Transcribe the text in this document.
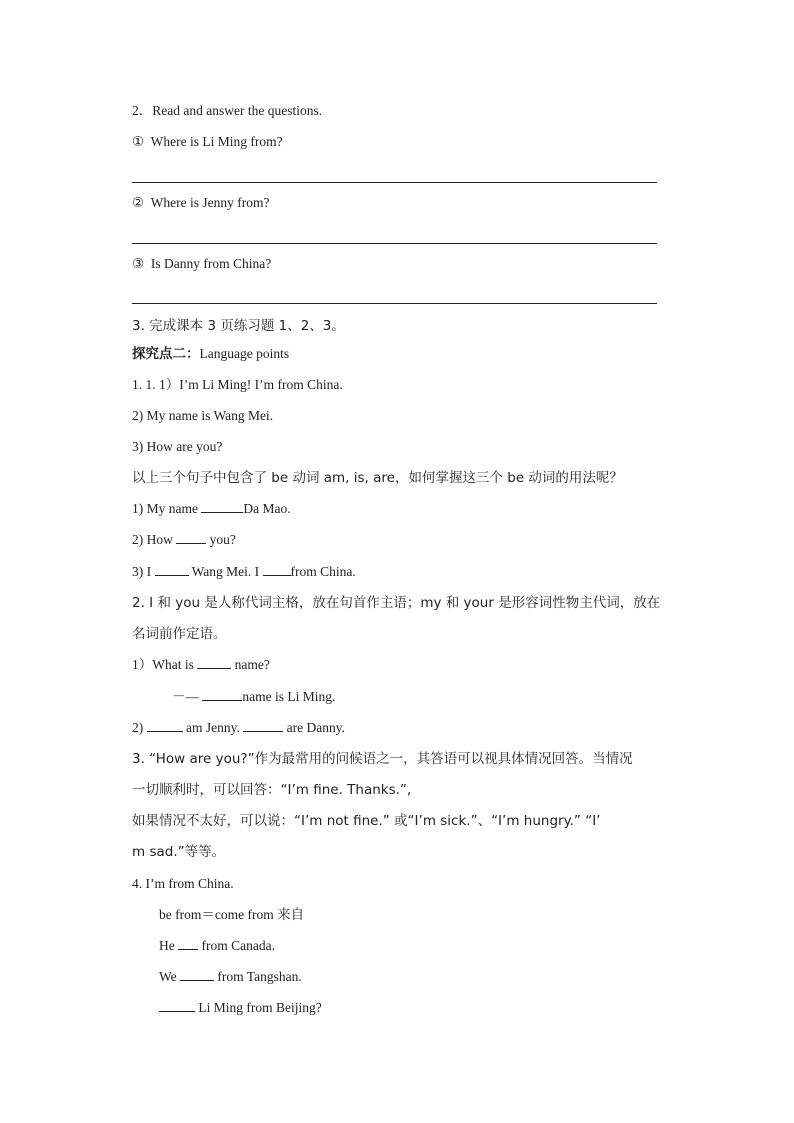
2．Read and answer the questions.
① Where is Li Ming from?
② Where is Jenny from?
③ Is Danny from China?
3. 完成课本 3 页练习题 1、2、3。
探究点二：Language points
1. 1. 1）I’m Li Ming! I’m from China.
2) My name is Wang Mei.
3) How are you?
以上三个句子中包含了 be 动词 am, is, are，如何掌握这三个 be 动词的用法呢？
1) My name	Da Mao.
2) How  you?
3) I	Wang Mei. I from China.
2. I 和 you 是人称代词主格，放在句首作主语；my 和 your 是形容词性物主代词，放在
名词前作定语。
1）What is	name?
－—	name is Li Ming.
2)	am Jenny.	are Danny.
3. “How are you?”作为最常用的问候语之一，其答语可以视具体情况回答。当情况
一切顺利时，可以回答：“I’m fine. Thanks.”,
如果情况不太好，可以说：“I’m not fine.” 或“I’m sick.”、“I’m hungry.” “I’
m sad.”等等。
4. I’m from China.
be from＝come from 来自
He  from Canada.
We	from Tangshan.
Li Ming from Beijing?
